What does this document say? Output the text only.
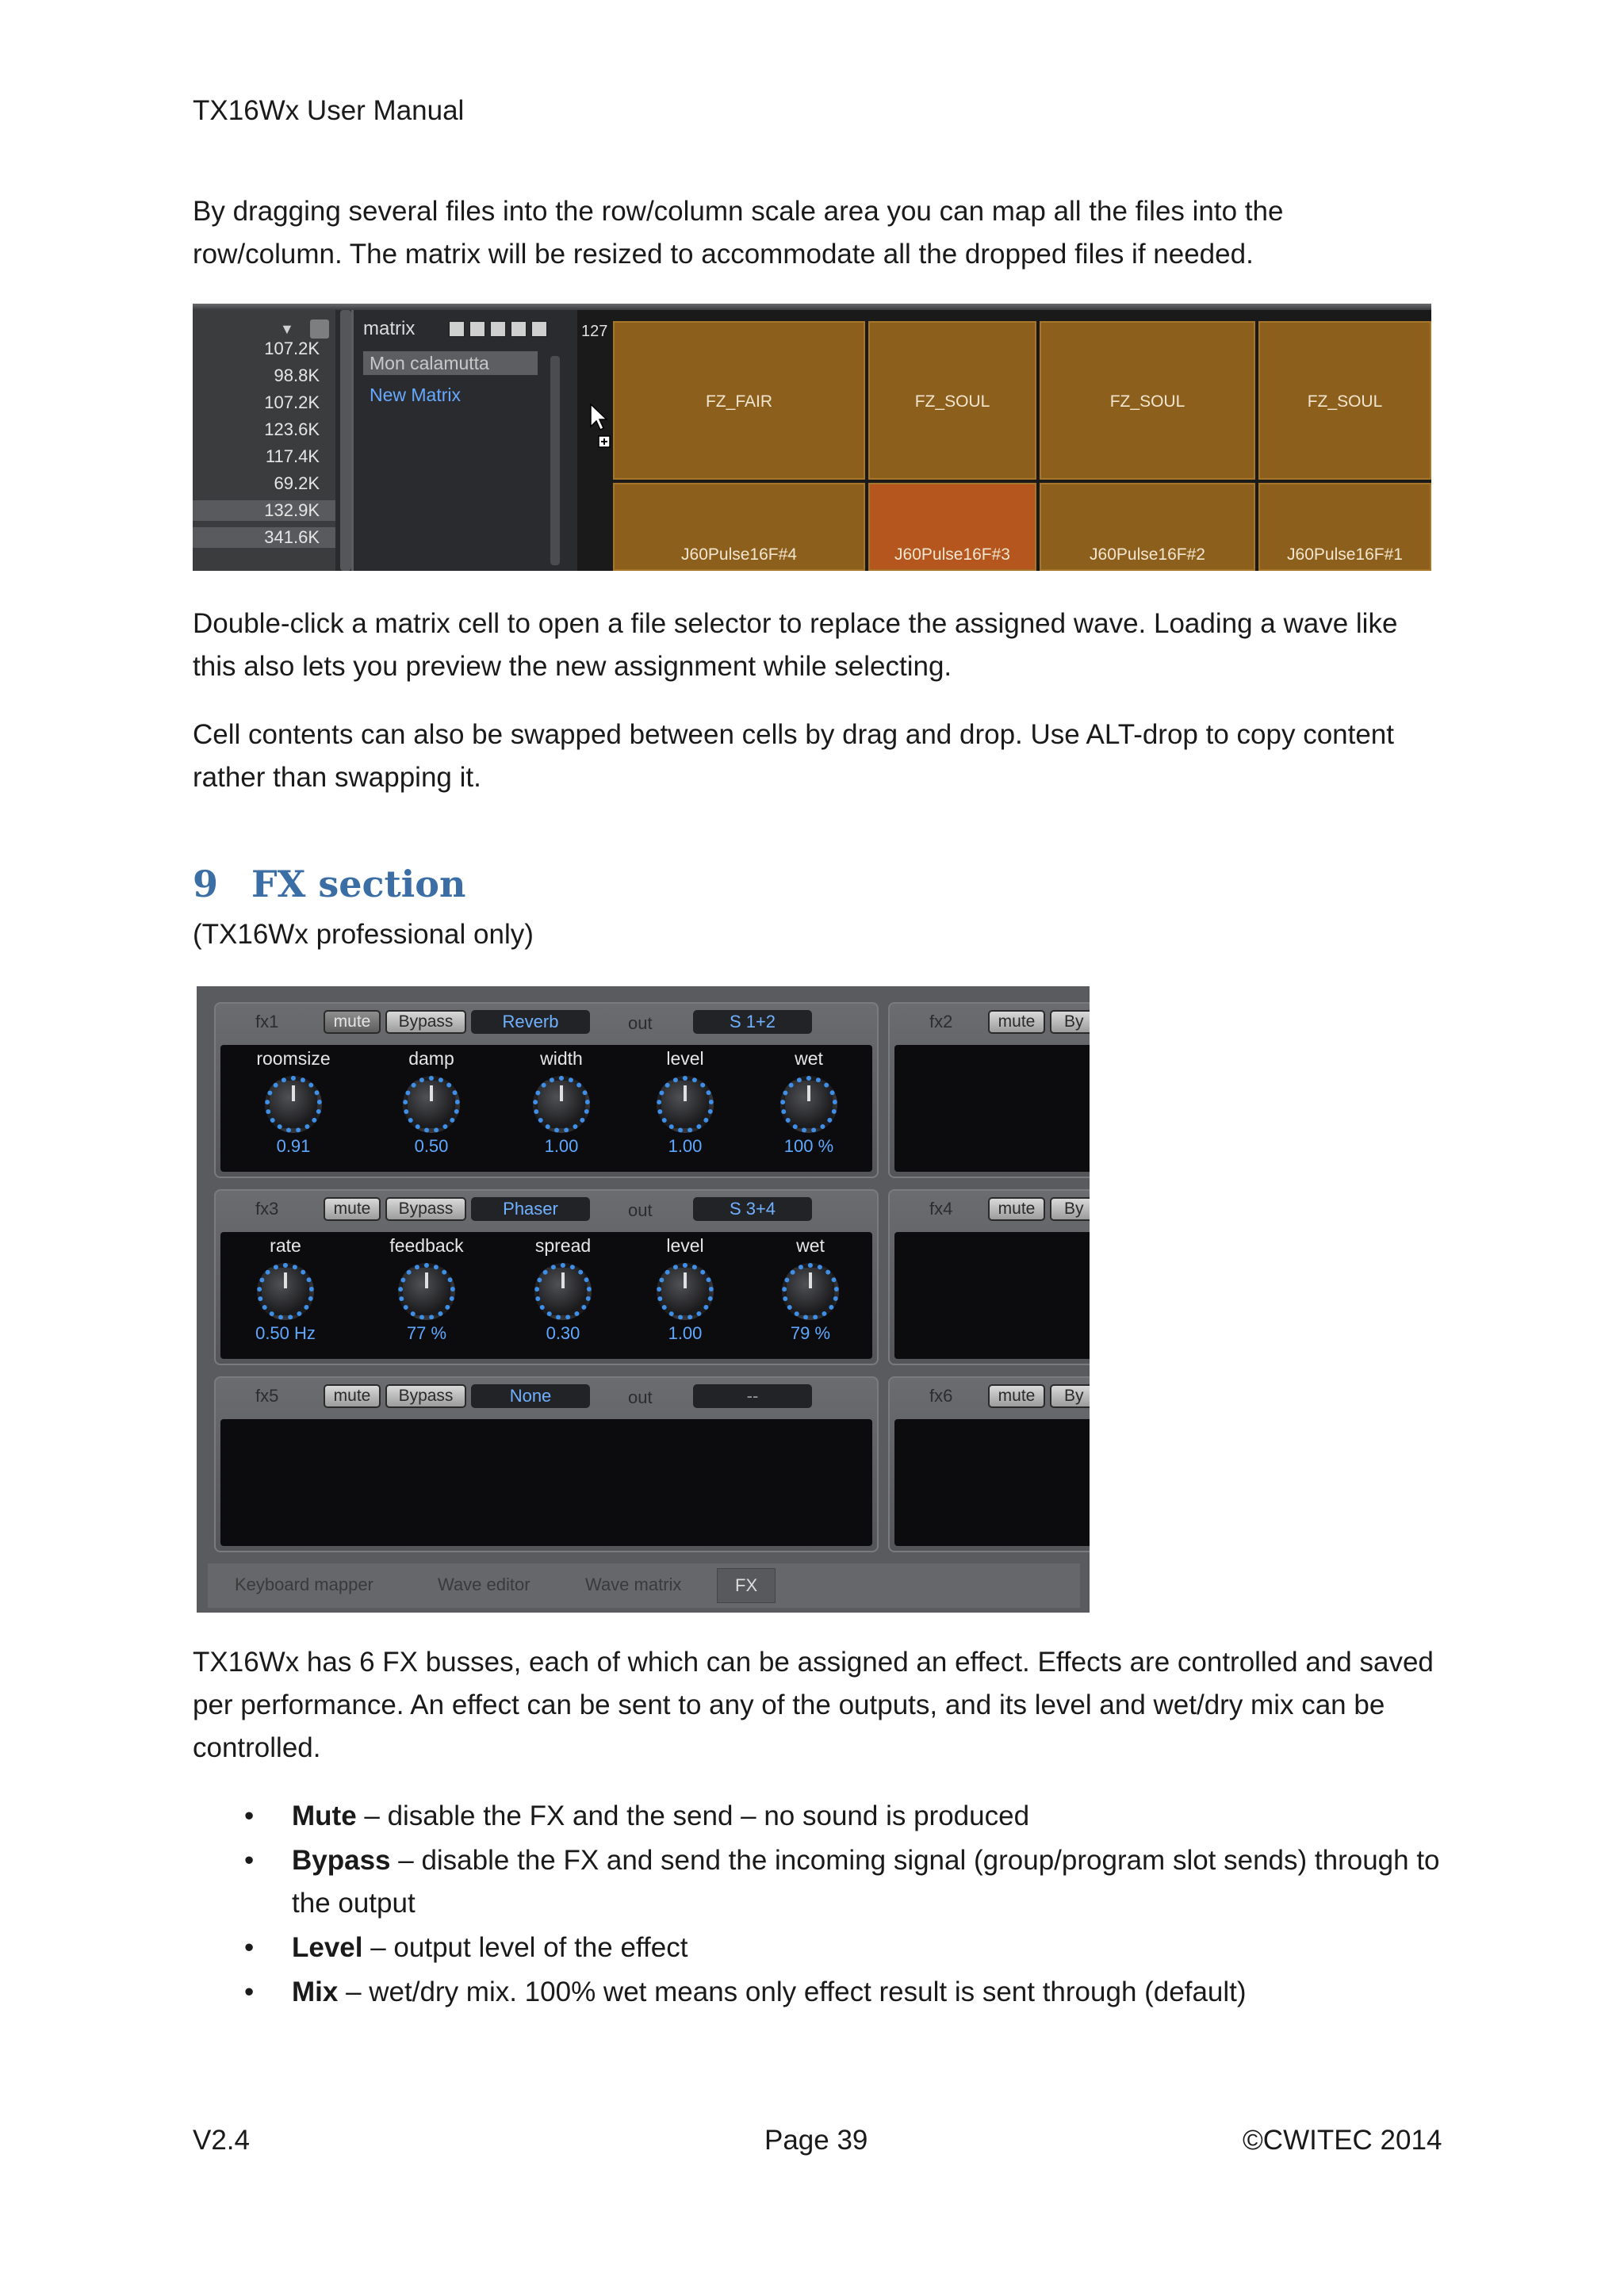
TX16Wx User Manual
By dragging several files into the row/column scale area you can map all the files into the row/column. The matrix will be resized to accommodate all the dropped files if needed.
▼
107.2K
98.8K
107.2K
123.6K
117.4K
69.2K
132.9K
341.6K
matrix
Mon calamutta
New Matrix
127
FZ_FAIR	FZ_SOUL	FZ_SOUL	FZ_SOUL
J60Pulse16F#4	J60Pulse16F#3	J60Pulse16F#2	J60Pulse16F#1
Double-click a matrix cell to open a file selector to replace the assigned wave. Loading a wave like this also lets you preview the new assignment while selecting.
Cell contents can also be swapped between cells by drag and drop. Use ALT-drop to copy content rather than swapping it.
9 FX section
(TX16Wx professional only)
fx1	mute	Bypass	Reverb	out	S 1+2
roomsize
0.91
damp
0.50
width
1.00
level
1.00
wet
100 %
fx2	mute	By
fx3	mute	Bypass	Phaser	out	S 3+4
rate
0.50 Hz
feedback
77 %
spread
0.30
level
1.00
wet
79 %
fx4	mute	By
fx5	mute	Bypass	None	out	--	fx6	mute	By
Keyboard mapper	Wave editor	Wave matrix	FX
TX16Wx has 6 FX busses, each of which can be assigned an effect. Effects are controlled and saved per performance. An effect can be sent to any of the outputs, and its level and wet/dry mix can be controlled.
• Mute – disable the FX and the send – no sound is produced
• Bypass – disable the FX and send the incoming signal (group/program slot sends) through to the output
• Level – output level of the effect
• Mix – wet/dry mix. 100% wet means only effect result is sent through (default)
V2.4	Page 39	©CWITEC 2014
